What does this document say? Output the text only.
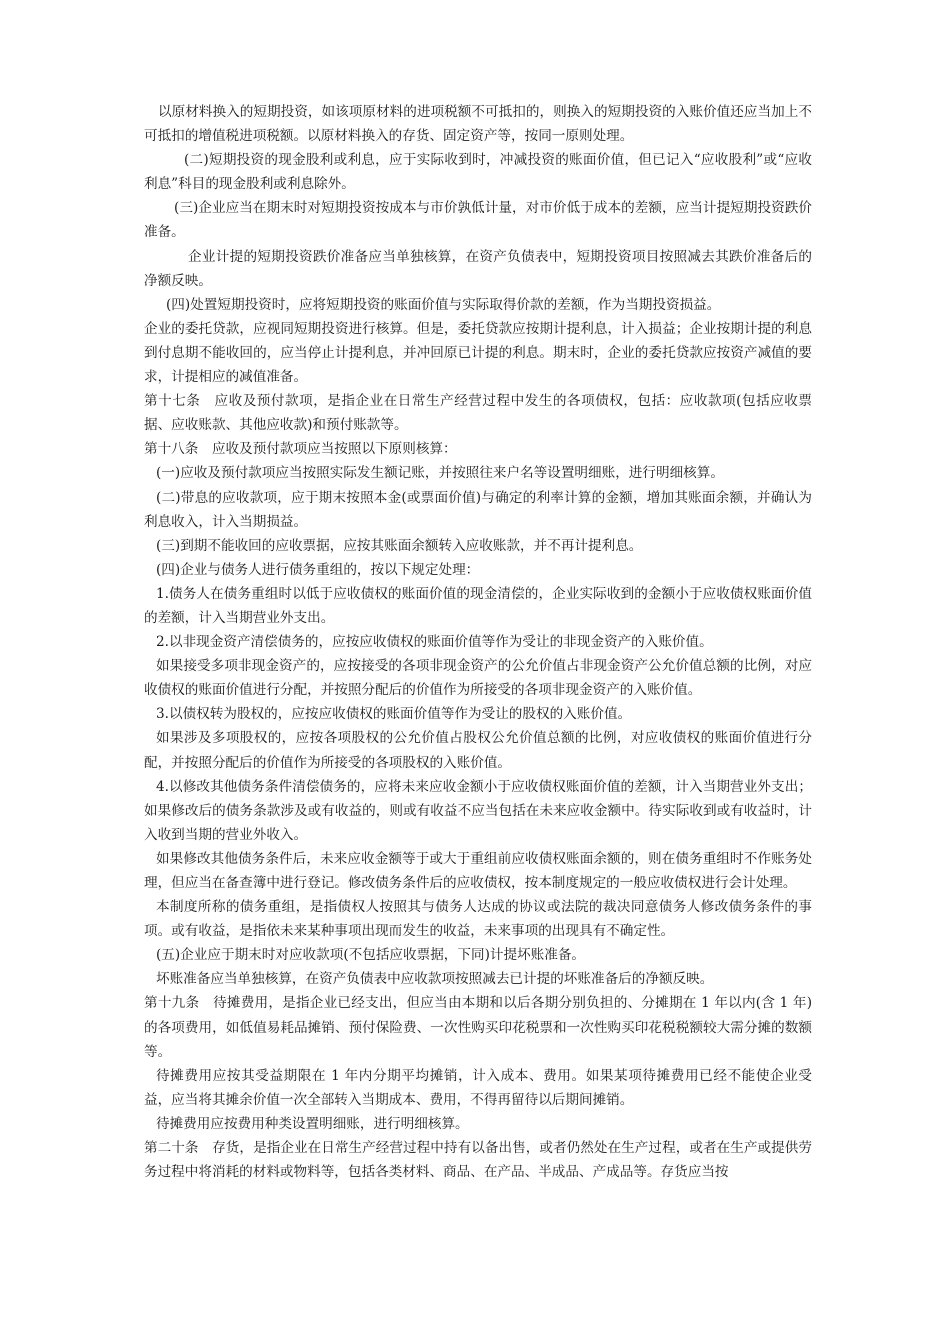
以原材料换入的短期投资，如该项原材料的进项税额不可抵扣的，则换入的短期投资的入账价值还应当加上不可抵扣的增值税进项税额。以原材料换入的存货、固定资产等，按同一原则处理。

(二)短期投资的现金股利或利息，应于实际收到时，冲减投资的账面价值，但已记入“应收股利”或“应收利息”科目的现金股利或利息除外。

(三)企业应当在期末时对短期投资按成本与市价孰低计量，对市价低于成本的差额，应当计提短期投资跌价准备。

企业计提的短期投资跌价准备应当单独核算，在资产负债表中，短期投资项目按照减去其跌价准备后的净额反映。

(四)处置短期投资时，应将短期投资的账面价值与实际取得价款的差额，作为当期投资损益。

企业的委托贷款，应视同短期投资进行核算。但是，委托贷款应按期计提利息，计入损益；企业按期计提的利息到付息期不能收回的，应当停止计提利息，并冲回原已计提的利息。期末时，企业的委托贷款应按资产减值的要求，计提相应的减值准备。

第十七条　应收及预付款项，是指企业在日常生产经营过程中发生的各项债权，包括：应收款项(包括应收票据、应收账款、其他应收款)和预付账款等。

第十八条　应收及预付款项应当按照以下原则核算：

(一)应收及预付款项应当按照实际发生额记账，并按照往来户名等设置明细账，进行明细核算。

(二)带息的应收款项，应于期末按照本金(或票面价值)与确定的利率计算的金额，增加其账面余额，并确认为利息收入，计入当期损益。

(三)到期不能收回的应收票据，应按其账面余额转入应收账款，并不再计提利息。

(四)企业与债务人进行债务重组的，按以下规定处理：

1.债务人在债务重组时以低于应收债权的账面价值的现金清偿的，企业实际收到的金额小于应收债权账面价值的差额，计入当期营业外支出。

2.以非现金资产清偿债务的，应按应收债权的账面价值等作为受让的非现金资产的入账价值。

如果接受多项非现金资产的，应按接受的各项非现金资产的公允价值占非现金资产公允价值总额的比例，对应收债权的账面价值进行分配，并按照分配后的价值作为所接受的各项非现金资产的入账价值。

3.以债权转为股权的，应按应收债权的账面价值等作为受让的股权的入账价值。

如果涉及多项股权的，应按各项股权的公允价值占股权公允价值总额的比例，对应收债权的账面价值进行分配，并按照分配后的价值作为所接受的各项股权的入账价值。

4.以修改其他债务条件清偿债务的，应将未来应收金额小于应收债权账面价值的差额，计入当期营业外支出；如果修改后的债务条款涉及或有收益的，则或有收益不应当包括在未来应收金额中。待实际收到或有收益时，计入收到当期的营业外收入。

如果修改其他债务条件后，未来应收金额等于或大于重组前应收债权账面余额的，则在债务重组时不作账务处理，但应当在备查簿中进行登记。修改债务条件后的应收债权，按本制度规定的一般应收债权进行会计处理。

本制度所称的债务重组，是指债权人按照其与债务人达成的协议或法院的裁决同意债务人修改债务条件的事项。或有收益，是指依未来某种事项出现而发生的收益，未来事项的出现具有不确定性。

(五)企业应于期末时对应收款项(不包括应收票据，下同)计提坏账准备。

坏账准备应当单独核算，在资产负债表中应收款项按照减去已计提的坏账准备后的净额反映。

第十九条　待摊费用，是指企业已经支出，但应当由本期和以后各期分别负担的、分摊期在 1 年以内(含 1 年)的各项费用，如低值易耗品摊销、预付保险费、一次性购买印花税票和一次性购买印花税税额较大需分摊的数额等。

待摊费用应按其受益期限在 1 年内分期平均摊销，计入成本、费用。如果某项待摊费用已经不能使企业受益，应当将其摊余价值一次全部转入当期成本、费用，不得再留待以后期间摊销。

待摊费用应按费用种类设置明细账，进行明细核算。

第二十条　存货，是指企业在日常生产经营过程中持有以备出售，或者仍然处在生产过程，或者在生产或提供劳务过程中将消耗的材料或物料等，包括各类材料、商品、在产品、半成品、产成品等。存货应当按
